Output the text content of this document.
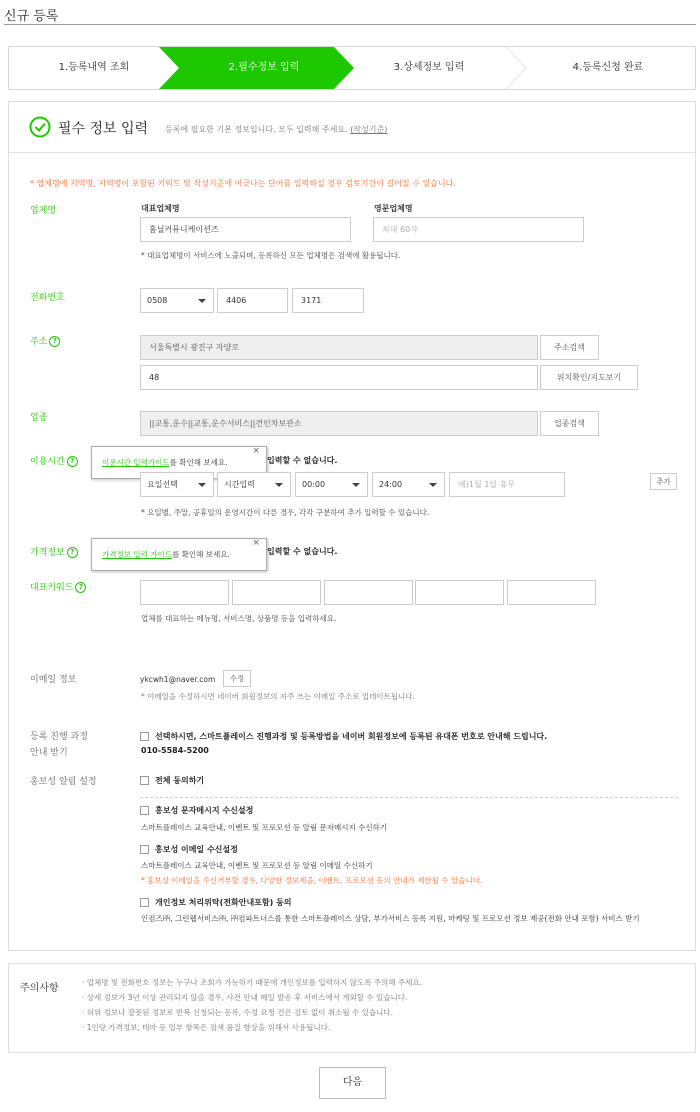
신규 등록
1.등록내역 조회	2.필수정보 입력	3.상세정보 입력	4.등록신청 완료
필수 정보 입력 등록에 필요한 기본 정보입니다. 모두 입력해 주세요. (작성기준)
* 업체명에 지역명, 지역명이 포함된 키워드 및 작성기준에 어긋나는 단어를 입력하실 경우 검토기간이 길어질 수 있습니다.
업체명	대표업체명
홈닐커뮤니케이션즈
영문업체명
최대 60자
* 대표업체명이 서비스에 노출되며, 등록하신 모든 업체명은 검색에 활용됩니다.
전화번호	0508	4406	3171
주소 ?
서울특별시 광진구 자양로	주소검색
48	위치확인/지도보기
업종
||교통,운수||교통,운수서비스||견인차보관소	업종검색
이용시간 ?	입력할 수 없습니다.
이용시간 입력가이드를 확인해 보세요.
×
요일선택	시간입력	00:00	24:00	예)1월 1일 휴무	추가
* 요일별, 주말, 공휴일의 운영시간이 다른 경우, 각각 구분하여 추가 입력할 수 있습니다.
가격정보 ?	입력할 수 없습니다.
가격정보 입력 가이드를 확인해 보세요.
×
대표키워드 ?
업체를 대표하는 메뉴명, 서비스명, 상품명 등을 입력하세요.
이메일 정보	ykcwh1@naver.com	수정
* 이메일을 수정하시면 네이버 회원정보의 자주 쓰는 이메일 주소로 업데이트됩니다.
등록 진행 과정
안내 받기
선택하시면, 스마트플레이스 진행과정 및 등록방법을 네이버 회원정보에 등록된 유대폰 번호로 안내해 드립니다.
010-5584-5200
홍보성 알림 설정	전체 동의하기
홍보성 문자메시지 수신설정
스마트플레이스 교육안내, 이벤트 및 프로모션 등 알림 문자메시지 수신하기
홍보성 이메일 수신설정
스마트플레이스 교육안내, 이벤트 및 프로모션 등 알림 이메일 수신하기
* 홍보성 이메일을 수신거부할 경우, 다양한 정보제공, 이벤트, 프로모션 등의 안내가 제한될 수 있습니다.
개인정보 처리위탁(전화안내포함) 동의
인컴즈㈜, 그린웹서비스㈜, ㈜컴파트너스를 통한 스마트플레이스 상담, 부가서비스 등록 지원, 마케팅 및 프로모션 정보 제공(전화 안내 포함) 서비스 받기
주의사항
· 업체명 및 전화번호 정보는 누구나 조회가 가능하기 때문에 개인정보를 입력하지 않도록 주의해 주세요.
· 상세 정보가 3년 이상 관리되지 않을 경우, 사전 안내 메일 발송 후 서비스에서 게외할 수 있습니다.
· 허위 정보나 잘못된 정보로 반복 신청되는 등록, 수정 요청 건은 검토 없이 취소될 수 있습니다.
· 1인당 가격정보, 테마 등 일부 항목은 검색 품질 향상을 위해서 사용됩니다.
다음
